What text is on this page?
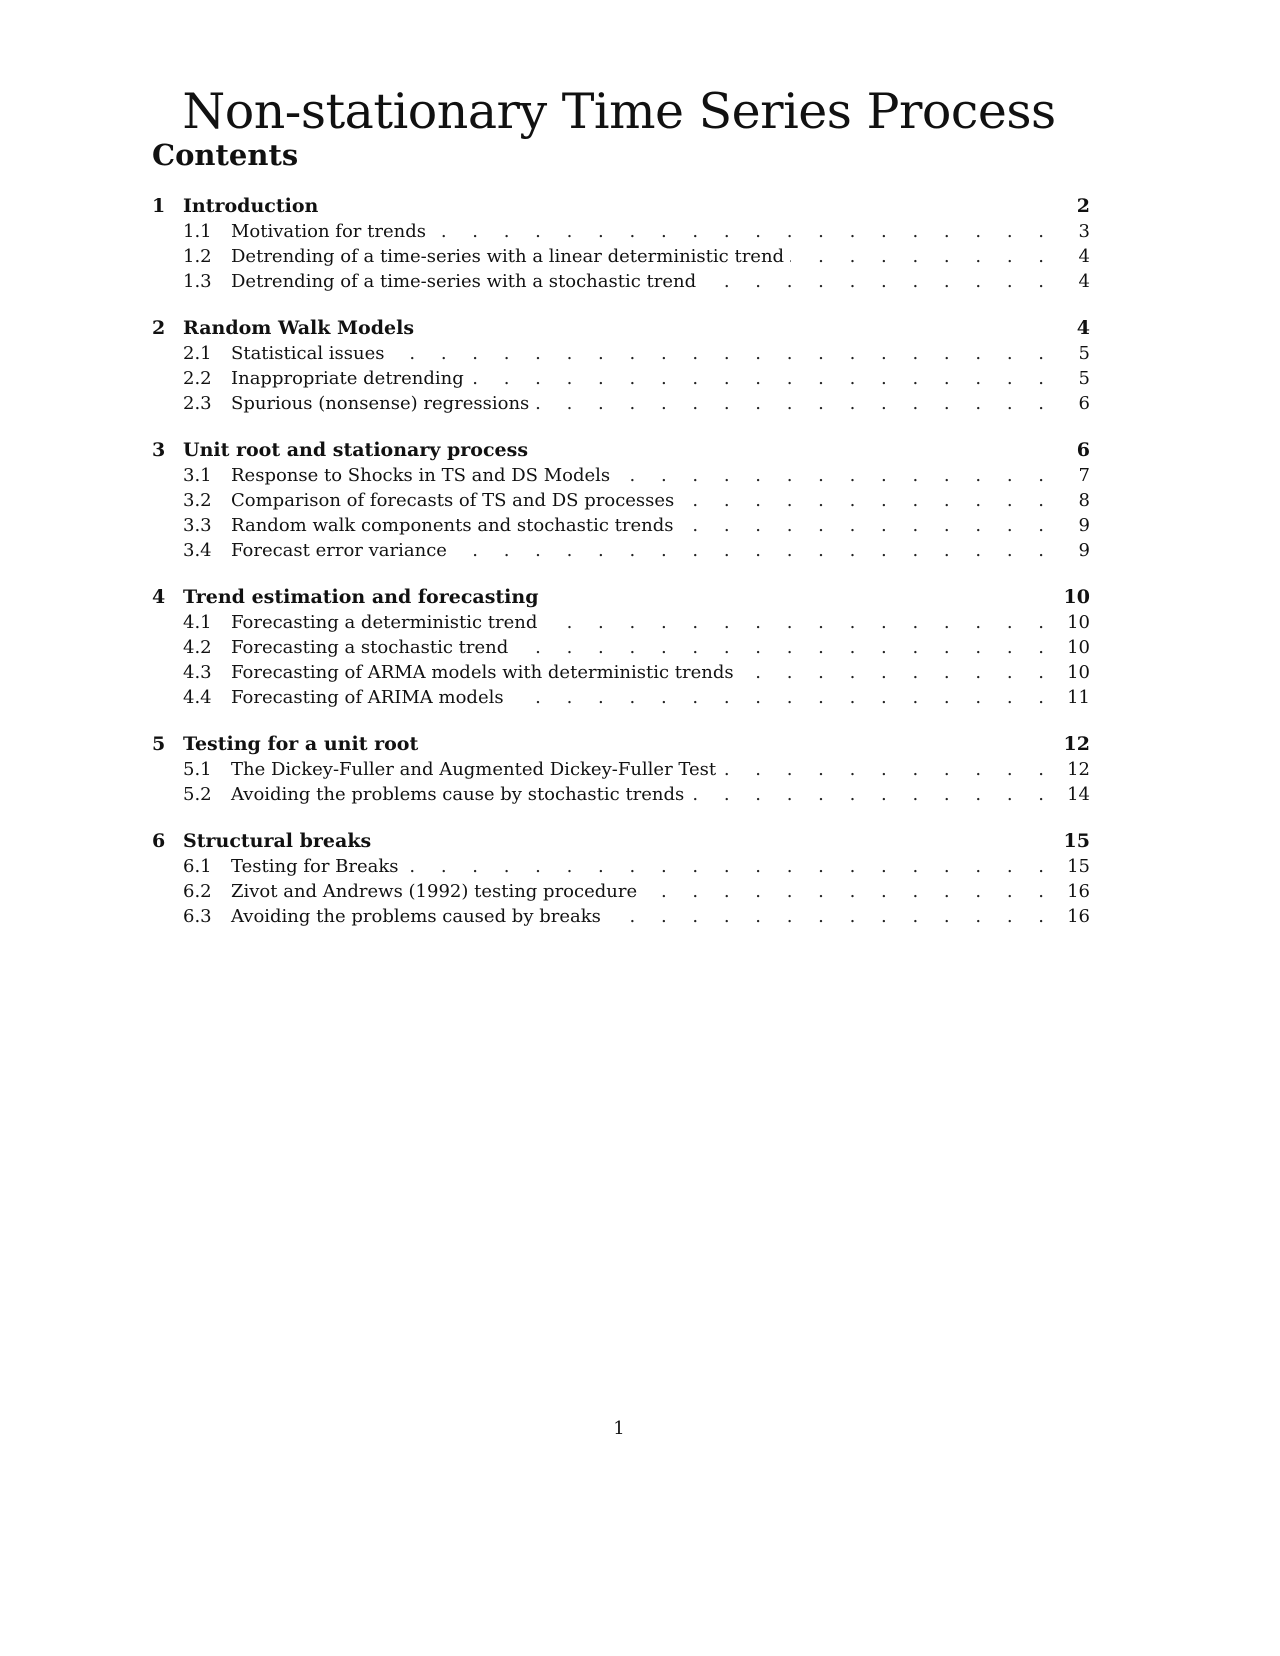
Non-stationary Time Series Process
Contents
1 Introduction	2
1.1	Motivation for trends . . .	3
1.2	Detrending of a time-series with a linear deterministic trend . . .	4
1.3	Detrending of a time-series with a stochastic trend . . .	4
2 Random Walk Models	4
2.1	Statistical issues . . .	5
2.2	Inappropriate detrending . . .	5
2.3	Spurious (nonsense) regressions . . .	6
3 Unit root and stationary process	6
3.1	Response to Shocks in TS and DS Models . . .	7
3.2	Comparison of forecasts of TS and DS processes . . .	8
3.3	Random walk components and stochastic trends . . .	9
3.4	Forecast error variance . . .	9
4 Trend estimation and forecasting	10
4.1	Forecasting a deterministic trend . . .	10
4.2	Forecasting a stochastic trend . . .	10
4.3	Forecasting of ARMA models with deterministic trends . . .	10
4.4	Forecasting of ARIMA models . . .	11
5 Testing for a unit root	12
5.1	The Dickey-Fuller and Augmented Dickey-Fuller Test . . .	12
5.2	Avoiding the problems cause by stochastic trends . . .	14
6 Structural breaks	15
6.1	Testing for Breaks . . .	15
6.2	Zivot and Andrews (1992) testing procedure . . .	16
6.3	Avoiding the problems caused by breaks . . .	16
1
